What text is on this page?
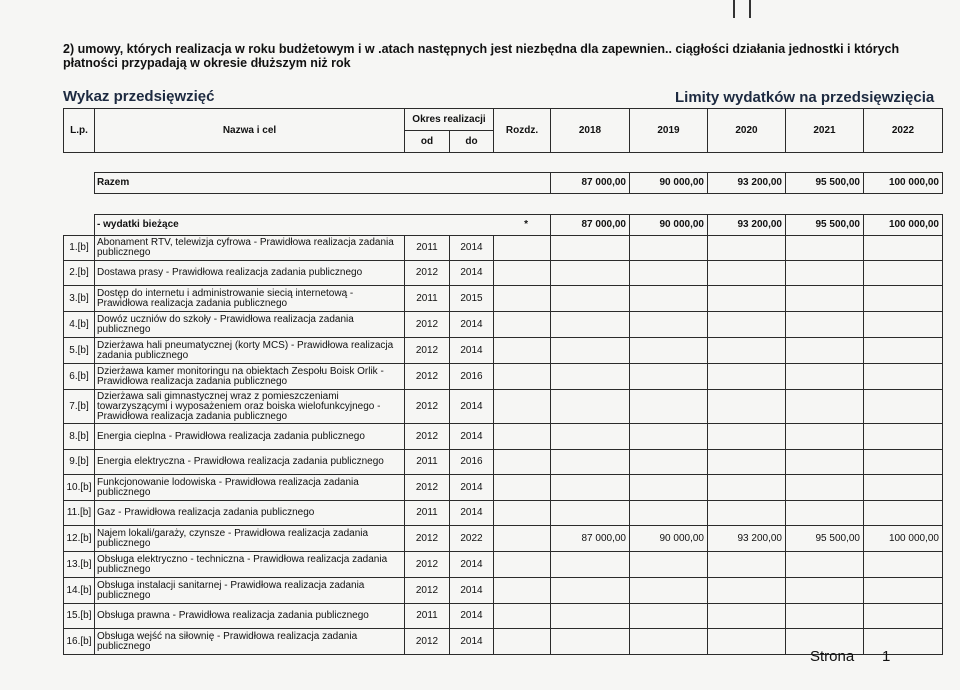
2) umowy, których realizacja w roku budżetowym i w .atach następnych jest niezbędna dla zapewnien.. ciągłości działania jednostki i których płatności przypadają w okresie dłuższym niż rok
Wykaz przedsięwzięć	Limity wydatków na przedsięwzięcia
L.p.	Nazwa i cel	Okres realizacji		Rozdz.	2018	2019	2020	2021	2022
		od	do						

	Razem				87 000,00	90 000,00	93 200,00	95 500,00	100 000,00

	- wydatki bieżące *				87 000,00	90 000,00	93 200,00	95 500,00	100 000,00
1.[b]	Abonament RTV, telewizja cyfrowa - Prawidłowa realizacja zadania publicznego	2011	2014						
2.[b]	Dostawa prasy - Prawidłowa realizacja zadania publicznego	2012	2014						
3.[b]	Dostęp do internetu i administrowanie siecią internetową - Prawidłowa realizacja zadania publicznego	2011	2015						
4.[b]	Dowóz uczniów do szkoły - Prawidłowa realizacja zadania publicznego	2012	2014						
5.[b]	Dzierżawa hali pneumatycznej (korty MCS) - Prawidłowa realizacja zadania publicznego	2012	2014						
6.[b]	Dzierżawa kamer monitoringu na obiektach Zespołu Boisk Orlik - Prawidłowa realizacja zadania publicznego	2012	2016						
7.[b]	Dzierżawa sali gimnastycznej wraz z pomieszczeniami towarzyszącymi i wyposażeniem oraz boiska wielofunkcyjnego - Prawidłowa realizacja zadania publicznego	2012	2014						
8.[b]	Energia cieplna - Prawidłowa realizacja zadania publicznego	2012	2014						
9.[b]	Energia elektryczna - Prawidłowa realizacja zadania publicznego	2011	2016						
10.[b]	Funkcjonowanie lodowiska - Prawidłowa realizacja zadania publicznego	2012	2014						
11.[b]	Gaz - Prawidłowa realizacja zadania publicznego	2011	2014						
12.[b]	Najem lokali/garaży, czynsze - Prawidłowa realizacja zadania publicznego	2012	2022		87 000,00	90 000,00	93 200,00	95 500,00	100 000,00
13.[b]	Obsługa elektryczno - techniczna - Prawidłowa realizacja zadania publicznego	2012	2014						
14.[b]	Obsługa instalacji sanitarnej - Prawidłowa realizacja zadania publicznego	2012	2014						
15.[b]	Obsługa prawna - Prawidłowa realizacja zadania publicznego	2011	2014						
16.[b]	Obsługa wejść na siłownię - Prawidłowa realizacja zadania publicznego	2012	2014						
Strona 1
